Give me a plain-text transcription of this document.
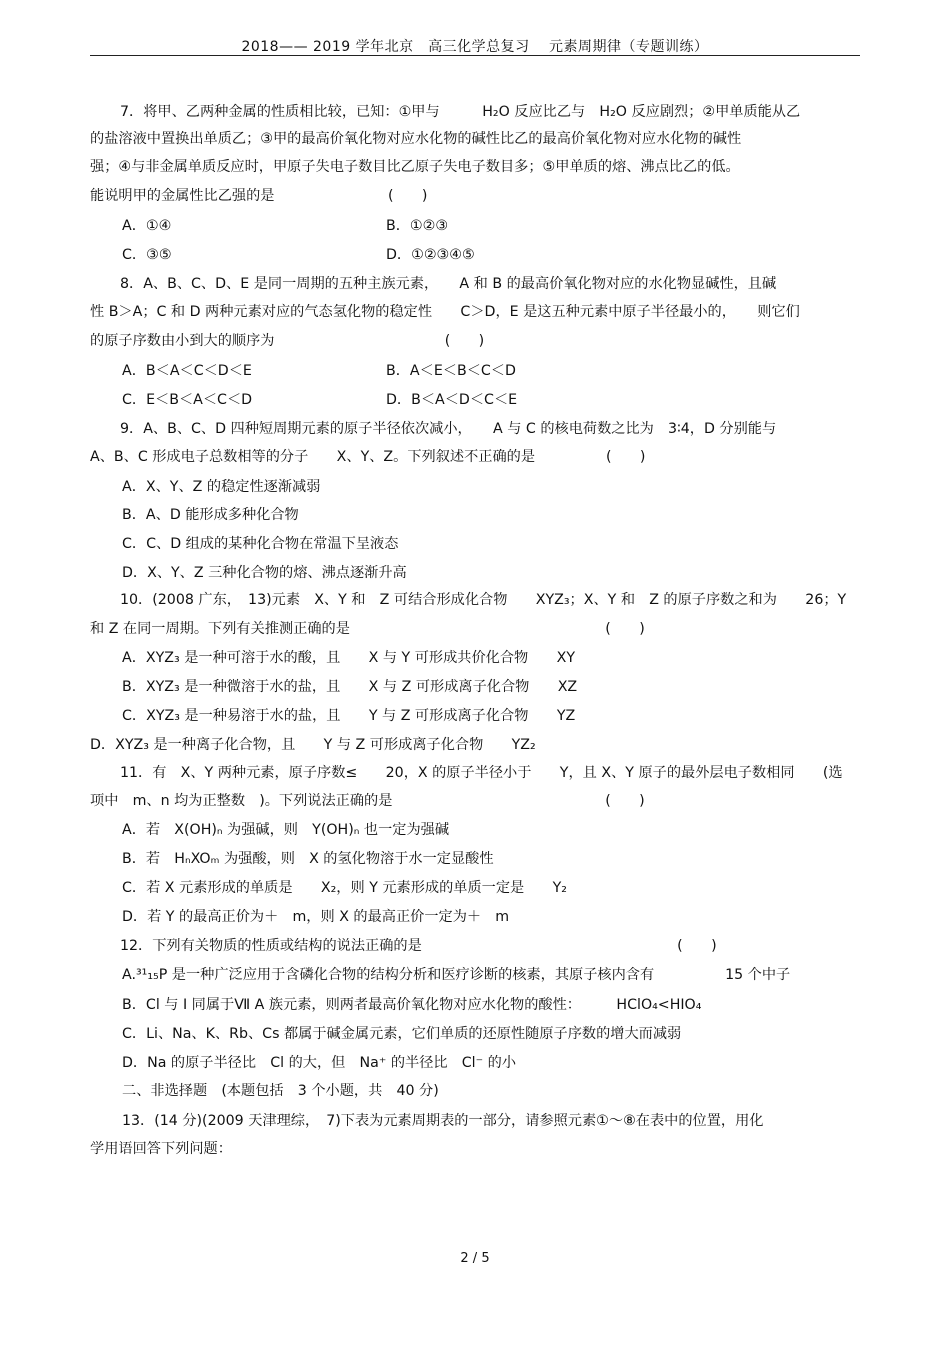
2018—— 2019 学年北京　高三化学总复习　 元素周期律（专题训练）
7．将甲、乙两种金属的性质相比较，已知：①甲与　　　H₂O 反应比乙与　H₂O 反应剧烈；②甲单质能从乙
的盐溶液中置换出单质乙；③甲的最高价氧化物对应水化物的碱性比乙的最高价氧化物对应水化物的碱性
强；④与非金属单质反应时，甲原子失电子数目比乙原子失电子数目多；⑤甲单质的熔、沸点比乙的低。
能说明甲的金属性比乙强的是　　　　　　　　(　　)
A．①④	B．①②③
C．③⑤	D．①②③④⑤
8．A、B、C、D、E 是同一周期的五种主族元素，　　A 和 B 的最高价氧化物对应的水化物显碱性，且碱
性 B＞A；C 和 D 两种元素对应的气态氢化物的稳定性　　C＞D，E 是这五种元素中原子半径最小的，　　则它们
的原子序数由小到大的顺序为　　　　　　　　　　　　(　　)
A．B＜A＜C＜D＜E	B．A＜E＜B＜C＜D
C．E＜B＜A＜C＜D	D．B＜A＜D＜C＜E
9．A、B、C、D 四种短周期元素的原子半径依次减小，　　A 与 C 的核电荷数之比为　3∶4，D 分别能与
A、B、C 形成电子总数相等的分子　　X、Y、Z。下列叙述不正确的是　　　　　(　　)
A．X、Y、Z 的稳定性逐渐减弱
B．A、D 能形成多种化合物
C．C、D 组成的某种化合物在常温下呈液态
D．X、Y、Z 三种化合物的熔、沸点逐渐升高
10．(2008 广东，　13)元素　X、Y 和　Z 可结合形成化合物　　XYZ₃；X、Y 和　Z 的原子序数之和为　　26；Y
和 Z 在同一周期。下列有关推测正确的是　　　　　　　　　　　　　　　　　　(　　)
A．XYZ₃ 是一种可溶于水的酸，且　　X 与 Y 可形成共价化合物　　XY
B．XYZ₃ 是一种微溶于水的盐，且　　X 与 Z 可形成离子化合物　　XZ
C．XYZ₃ 是一种易溶于水的盐，且　　Y 与 Z 可形成离子化合物　　YZ
D．XYZ₃ 是一种离子化合物，且　　Y 与 Z 可形成离子化合物　　YZ₂
11．有　X、Y 两种元素，原子序数≤　　20，X 的原子半径小于　　Y，且 X、Y 原子的最外层电子数相同　　(选
项中　m、n 均为正整数　)。下列说法正确的是　　　　　　　　　　　　　　　(　　)
A．若　X(OH)ₙ 为强碱，则　Y(OH)ₙ 也一定为强碱
B．若　HₙXOₘ 为强酸，则　X 的氢化物溶于水一定显酸性
C．若 X 元素形成的单质是　　X₂，则 Y 元素形成的单质一定是　　Y₂
D．若 Y 的最高正价为＋　m，则 X 的最高正价一定为＋　m
12．下列有关物质的性质或结构的说法正确的是　　　　　　　　　　　　　　　　　　(　　)
A.³¹₁₅P 是一种广泛应用于含磷化合物的结构分析和医疗诊断的核素，其原子核内含有　　　　　15 个中子
B．Cl 与 I 同属于Ⅶ A 族元素，则两者最高价氧化物对应水化物的酸性：　　　HClO₄<HIO₄
C．Li、Na、K、Rb、Cs 都属于碱金属元素，它们单质的还原性随原子序数的增大而减弱
D．Na 的原子半径比　Cl 的大，但　Na⁺ 的半径比　Cl⁻ 的小
二、非选择题　(本题包括　3 个小题，共　40 分)
13．(14 分)(2009 天津理综，　7)下表为元素周期表的一部分，请参照元素①～⑧在表中的位置，用化
学用语回答下列问题：
2 / 5
